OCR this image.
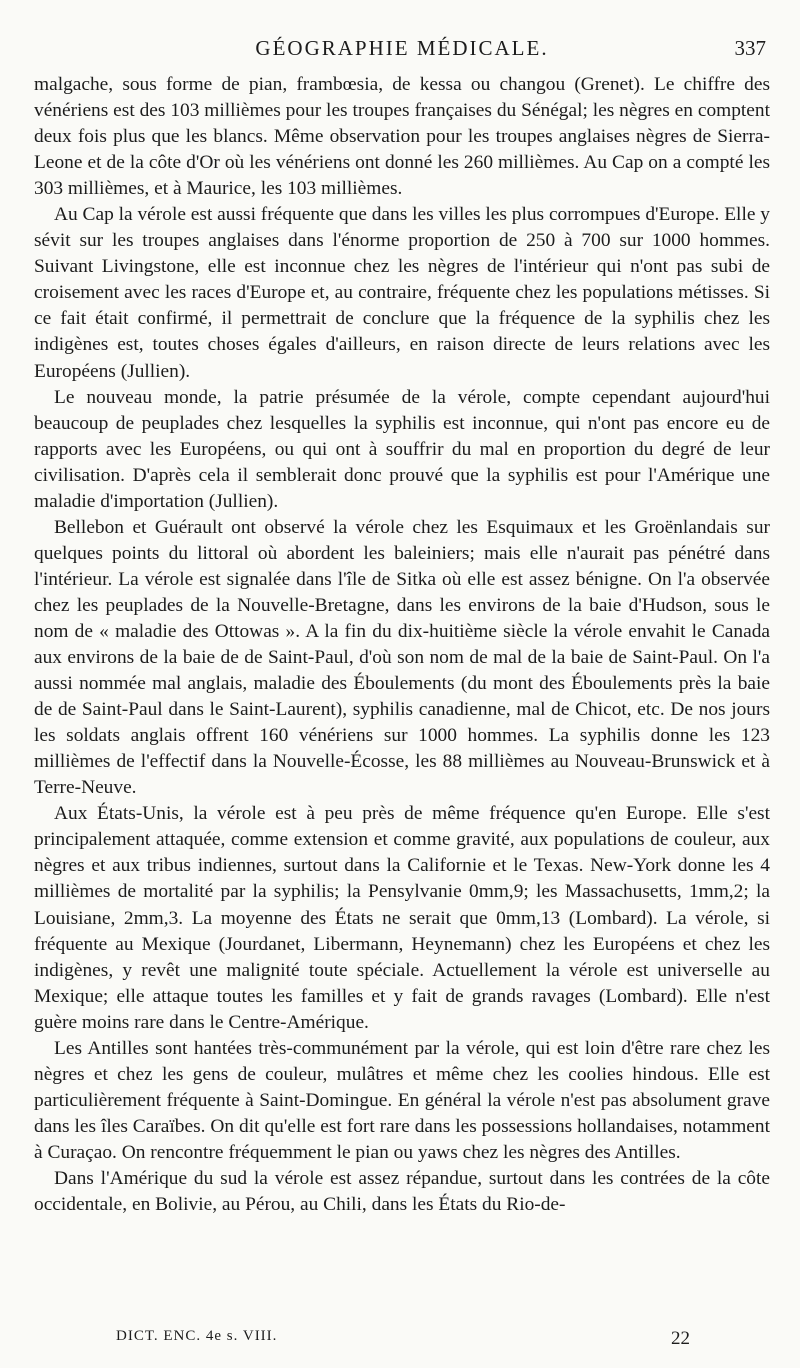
GÉOGRAPHIE MÉDICALE.	337

malgache, sous forme de pian, frambœsia, de kessa ou changou (Grenet). Le chiffre des vénériens est des 103 millièmes pour les troupes françaises du Sénégal; les nègres en comptent deux fois plus que les blancs. Même observation pour les troupes anglaises nègres de Sierra-Leone et de la côte d'Or où les vénériens ont donné les 260 millièmes. Au Cap on a compté les 303 millièmes, et à Maurice, les 103 millièmes.

Au Cap la vérole est aussi fréquente que dans les villes les plus corrompues d'Europe. Elle y sévit sur les troupes anglaises dans l'énorme proportion de 250 à 700 sur 1000 hommes. Suivant Livingstone, elle est inconnue chez les nègres de l'intérieur qui n'ont pas subi de croisement avec les races d'Europe et, au contraire, fréquente chez les populations métisses. Si ce fait était confirmé, il permettrait de conclure que la fréquence de la syphilis chez les indigènes est, toutes choses égales d'ailleurs, en raison directe de leurs relations avec les Européens (Jullien).

Le nouveau monde, la patrie présumée de la vérole, compte cependant aujourd'hui beaucoup de peuplades chez lesquelles la syphilis est inconnue, qui n'ont pas encore eu de rapports avec les Européens, ou qui ont à souffrir du mal en proportion du degré de leur civilisation. D'après cela il semblerait donc prouvé que la syphilis est pour l'Amérique une maladie d'importation (Jullien).

Bellebon et Guérault ont observé la vérole chez les Esquimaux et les Groënlandais sur quelques points du littoral où abordent les baleiniers; mais elle n'aurait pas pénétré dans l'intérieur. La vérole est signalée dans l'île de Sitka où elle est assez bénigne. On l'a observée chez les peuplades de la Nouvelle-Bretagne, dans les environs de la baie d'Hudson, sous le nom de « maladie des Ottowas ». A la fin du dix-huitième siècle la vérole envahit le Canada aux environs de la baie de de Saint-Paul, d'où son nom de mal de la baie de Saint-Paul. On l'a aussi nommée mal anglais, maladie des Éboulements (du mont des Éboulements près la baie de de Saint-Paul dans le Saint-Laurent), syphilis canadienne, mal de Chicot, etc. De nos jours les soldats anglais offrent 160 vénériens sur 1000 hommes. La syphilis donne les 123 millièmes de l'effectif dans la Nouvelle-Écosse, les 88 millièmes au Nouveau-Brunswick et à Terre-Neuve.

Aux États-Unis, la vérole est à peu près de même fréquence qu'en Europe. Elle s'est principalement attaquée, comme extension et comme gravité, aux populations de couleur, aux nègres et aux tribus indiennes, surtout dans la Californie et le Texas. New-York donne les 4 millièmes de mortalité par la syphilis; la Pensylvanie 0mm,9; les Massachusetts, 1mm,2; la Louisiane, 2mm,3. La moyenne des États ne serait que 0mm,13 (Lombard). La vérole, si fréquente au Mexique (Jourdanet, Libermann, Heynemann) chez les Européens et chez les indigènes, y revêt une malignité toute spéciale. Actuellement la vérole est universelle au Mexique; elle attaque toutes les familles et y fait de grands ravages (Lombard). Elle n'est guère moins rare dans le Centre-Amérique.

Les Antilles sont hantées très-communément par la vérole, qui est loin d'être rare chez les nègres et chez les gens de couleur, mulâtres et même chez les coolies hindous. Elle est particulièrement fréquente à Saint-Domingue. En général la vérole n'est pas absolument grave dans les îles Caraïbes. On dit qu'elle est fort rare dans les possessions hollandaises, notamment à Curaçao. On rencontre fréquemment le pian ou yaws chez les nègres des Antilles.

Dans l'Amérique du sud la vérole est assez répandue, surtout dans les contrées de la côte occidentale, en Bolivie, au Pérou, au Chili, dans les États du Rio-de-

DICT. ENC. 4e s. VIII.	22
